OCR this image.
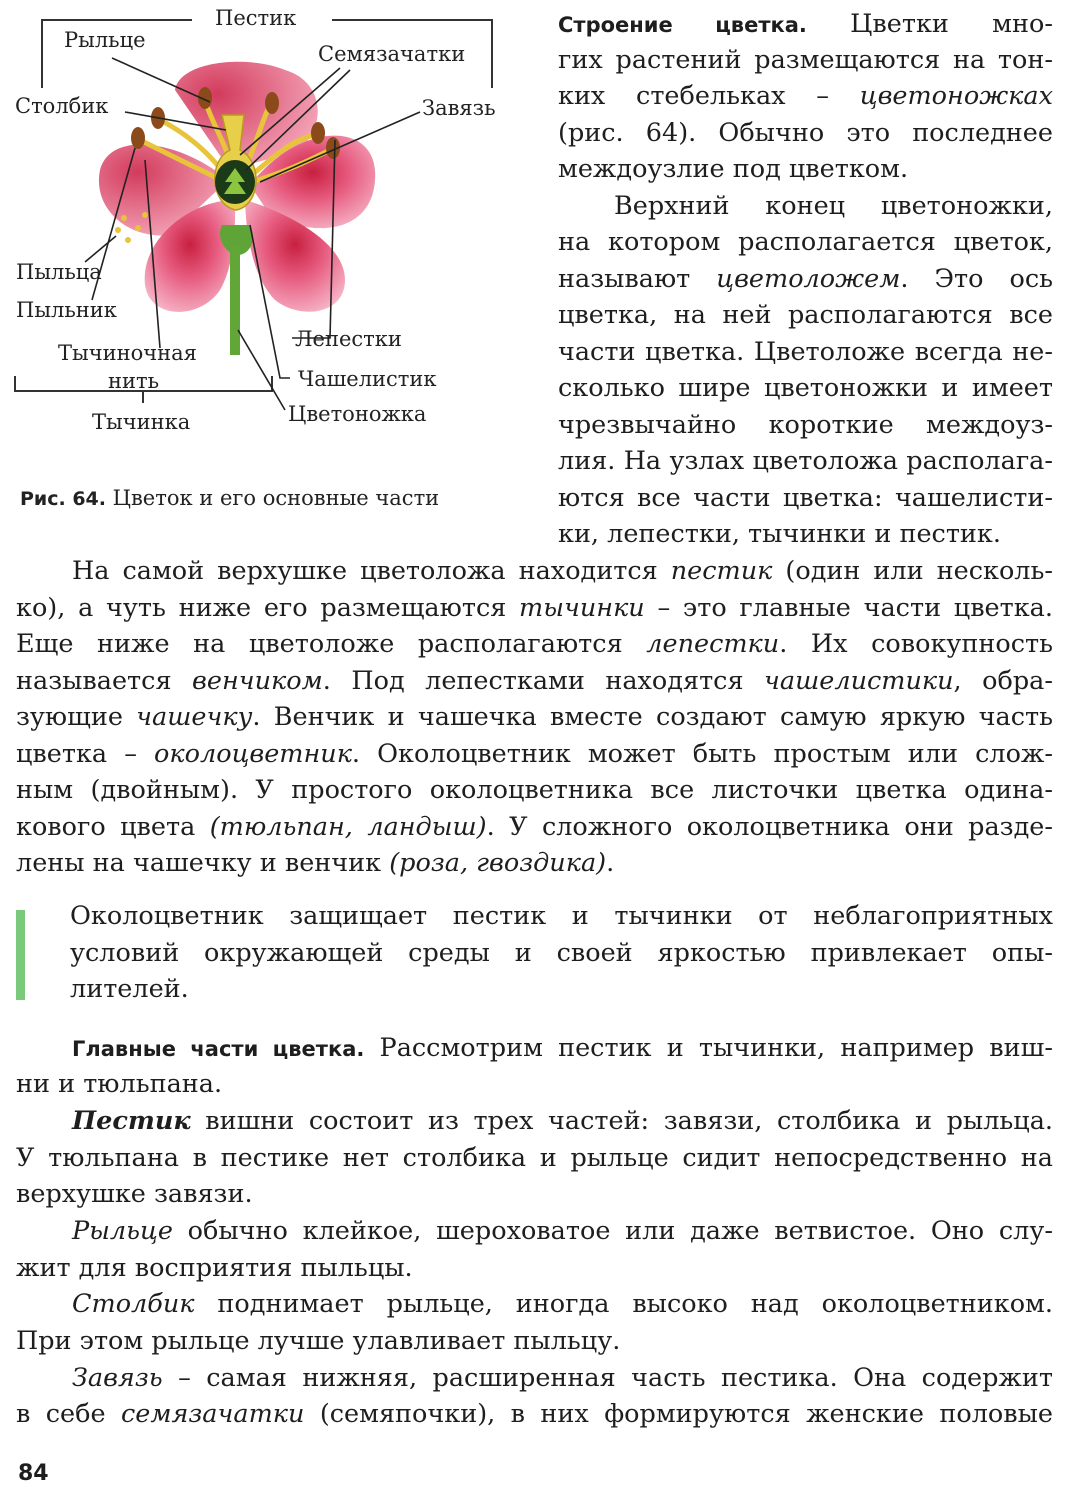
Пестик
Рыльце
Семязачатки
Столбик	Завязь
Пыльца
Пыльник
Лепестки
Тычиночная
нить	Чашелистик
Цветоножка
Тычинка
Рис. 64. Цветок и его основные части
Строение цветка. Цветки мно-
гих растений размещаются на тон-
ких стебельках – цветоножках
(рис. 64). Обычно это последнее
междоузлие под цветком.
Верхний конец цветоножки,
на котором располагается цветок,
называют цветоложем. Это ось
цветка, на ней располагаются все
части цветка. Цветоложе всегда не-
сколько шире цветоножки и имеет
чрезвычайно короткие междоуз-
лия. На узлах цветоложа располага-
ются все части цветка: чашелисти-
ки, лепестки, тычинки и пестик.
На самой верхушке цветоложа находится пестик (один или несколь-
ко), а чуть ниже его размещаются тычинки – это главные части цветка.
Еще ниже на цветоложе располагаются лепестки. Их совокупность
называется венчиком. Под лепестками находятся чашелистики, обра-
зующие чашечку. Венчик и чашечка вместе создают самую яркую часть
цветка – околоцветник. Околоцветник может быть простым или слож-
ным (двойным). У простого околоцветника все листочки цветка одина-
кового цвета (тюльпан, ландыш). У сложного околоцветника они разде-
лены на чашечку и венчик (роза, гвоздика).
Околоцветник защищает пестик и тычинки от неблагоприятных
условий окружающей среды и своей яркостью привлекает опы-
лителей.
Главные части цветка. Рассмотрим пестик и тычинки, например виш-
ни и тюльпана.
Пестик вишни состоит из трех частей: завязи, столбика и рыльца.
У тюльпана в пестике нет столбика и рыльце сидит непосредственно на
верхушке завязи.
Рыльце обычно клейкое, шероховатое или даже ветвистое. Оно слу-
жит для восприятия пыльцы.
Столбик поднимает рыльце, иногда высоко над околоцветником.
При этом рыльце лучше улавливает пыльцу.
Завязь – самая нижняя, расширенная часть пестика. Она содержит
в себе семязачатки (семяпочки), в них формируются женские половые
84
